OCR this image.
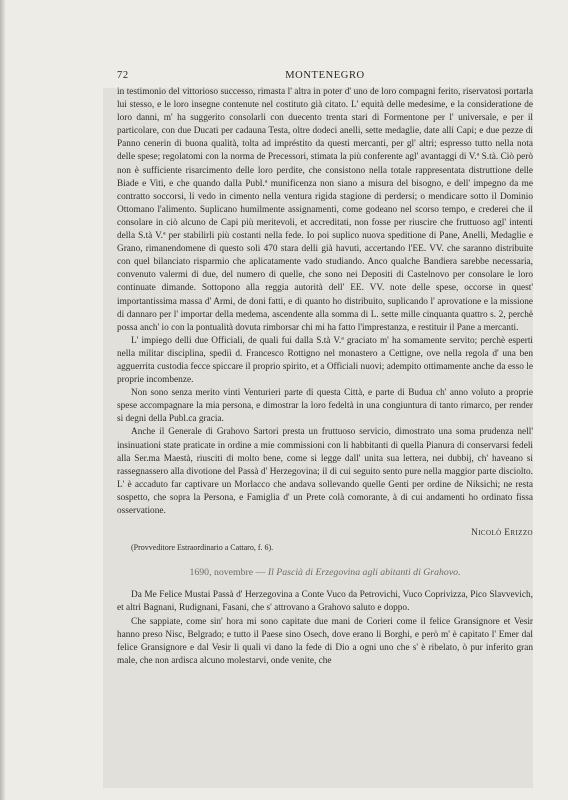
72	MONTENEGRO

in testimonio del vittorioso successo, rimasta l' altra in poter d' uno de loro compagni ferito, riservatosi portarla lui stesso, e le loro insegne contenute nel costituto già citato. L' equità delle medesime, e la consideratione de loro danni, m' ha suggerito consolarli con duecento trenta stari di Formentone per l' universale, e per il particolare, con due Ducati per cadauna Testa, oltre dodeci anelli, sette medaglie, date alli Capi; e due pezze di Panno cenerin di buona qualità, tolta ad impréstito da questi mercanti, per gl' altri; espresso tutto nella nota delle spese; regolatomi con la norma de Precessori, stimata la più conferente agl' avantaggi di V.ª S.tà. Ciò però non è sufficiente risarcimento delle loro perdite, che consistono nella totale rappresentata distruttione delle Biade e Viti, e che quando dalla Publ.ª munificenza non siano a misura del bisogno, e dell' impegno da me contratto soccorsi, li vedo in cimento nella ventura rigida stagione di perdersi; o mendicare sotto il Dominio Ottomano l'alimento. Suplicano humilmente assignamenti, come godeano nel scorso tempo, e crederei che il consolare in ciò alcuno de Capi più meritevoli, et accreditati, non fosse per riuscire che fruttuoso agl' intenti della S.tà V.ª per stabilirli più costanti nella fede. Io poi suplico nuova speditione di Pane, Anelli, Medaglie e Grano, rimanendomene di questo soli 470 stara delli già havuti, accertando l'EE. VV. che saranno distribuite con quel bilanciato risparmio che aplicatamente vado studiando. Anco qualche Bandiera sarebbe necessaria, convenuto valermi di due, del numero di quelle, che sono nei Depositi di Castelnovo per consolare le loro continuate dimande. Sottopono alla reggia autorità dell' EE. VV. note delle spese, occorse in quest' importantissima massa d' Armi, de doni fatti, e di quanto ho distribuito, suplicando l' aprovatione e la missione di dannaro per l' importar della medema, ascendente alla somma di L. sette mille cinquanta quattro s. 2, perchè possa anch' io con la pontualità dovuta rimborsar chi mi ha fatto l'imprestanza, e restituir il Pane a mercanti.

L' impiego delli due Officiali, de quali fui dalla S.tà V.ª graciato m' ha somamente servito; perchè esperti nella militar disciplina, spediì d. Francesco Rottigno nel monastero a Cettigne, ove nella regola d' una ben agguerrita custodia fecce spiccare il proprio spirito, et a Officiali nuovi; adempito ottimamente anche da esso le proprie incombenze.

Non sono senza merito vinti Venturieri parte di questa Città, e parte di Budua ch' anno voluto a proprie spese accompagnare la mia persona, e dimostrar la loro fedeltà in una congiuntura di tanto rimarco, per render si degni della Publ.ca gracia.

Anche il Generale di Grahovo Sartori presta un fruttuoso servicio, dimostrato una soma prudenza nell' insinuationi state praticate in ordine a mie commissioni con li habbitanti di quella Pianura di conservarsi fedeli alla Ser.ma Maestà, riusciti di molto bene, come si legge dall' unita sua lettera, nei dubbij, ch' haveano si rassegnassero alla divotione del Passà d' Herzegovina; il di cui seguito sento pure nella maggior parte disciolto. L' è accaduto far captivare un Morlacco che andava sollevando quelle Genti per ordine de Niksichi; ne resta sospetto, che sopra la Persona, e Famiglia d' un Prete colà comorante, à di cui andamenti ho ordinato fissa osservatione.

Nicolò Erizzo
(Provveditore Estraordinario a Cattaro, f. 6).
1690, novembre — Il Pascià di Erzegovina agli abitanti di Grahovo.

Da Me Felice Mustai Passà d' Herzegovina a Conte Vuco da Petrovichi, Vuco Coprivizza, Pico Slavvevich, et altri Bagnani, Rudignani, Fasani, che s' attrovano a Grahovo saluto e doppo.

Che sappiate, come sin' hora mi sono capitate due mani de Corieri come il felice Gransignore et Vesir hanno preso Nisc, Belgrado; e tutto il Paese sino Osech, dove erano li Borghi, e però m' è capitato l' Emer dal felice Gransignore e dal Vesir li quali vi dano la fede di Dio a ogni uno che s' è ribelato, ò pur inferito gran male, che non ardisca alcuno molestarvi, onde venite, che
